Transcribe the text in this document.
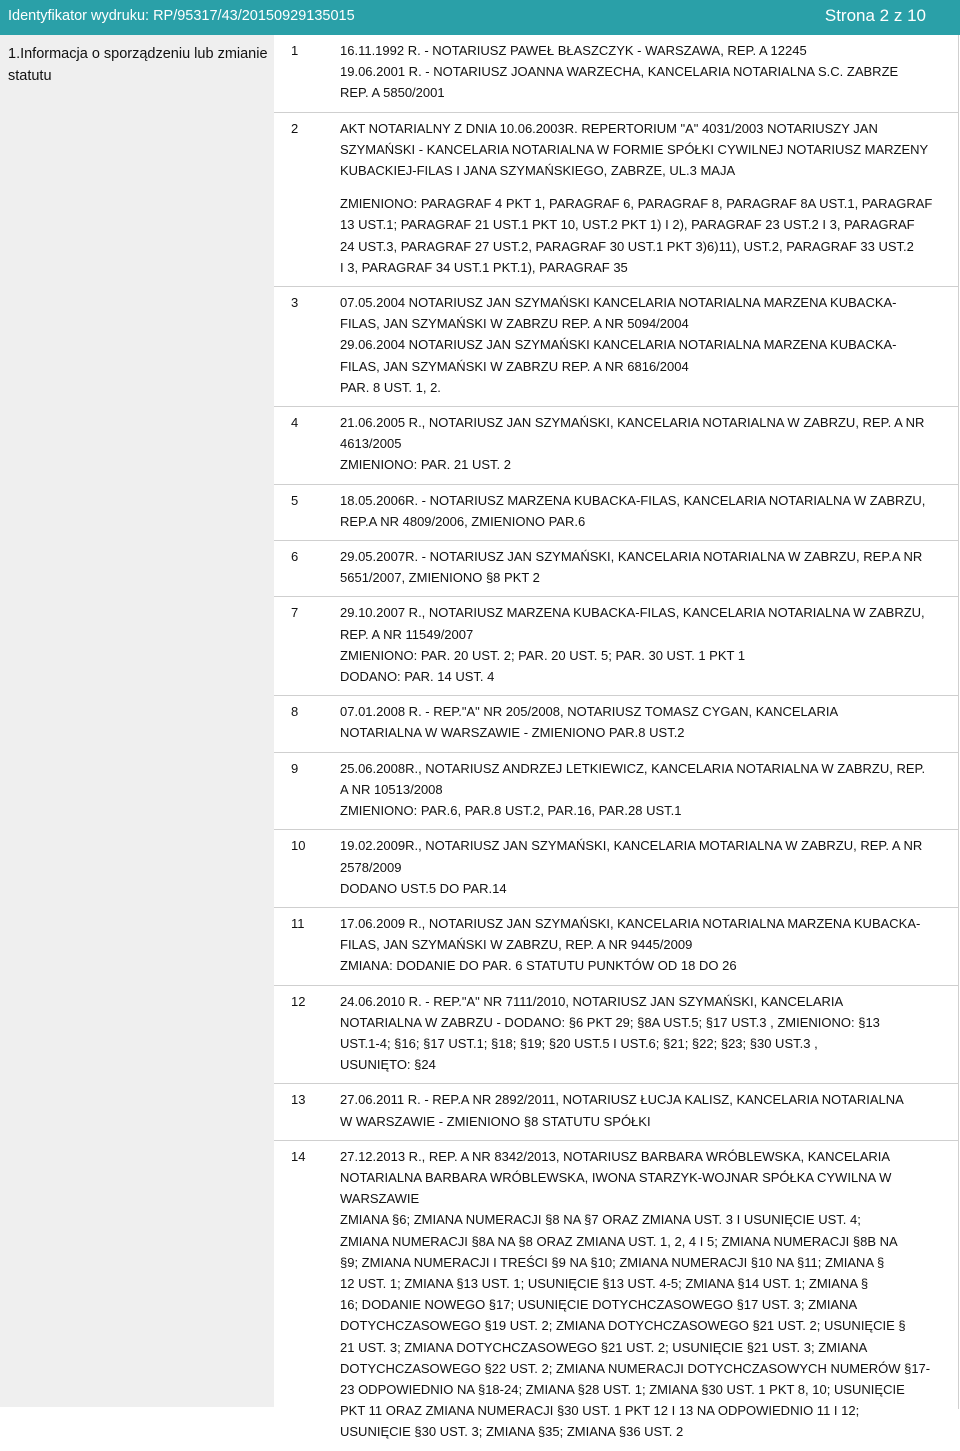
Identyfikator wydruku: RP/95317/43/20150929135015	Strona 2 z 10
1.Informacja o sporządzeniu lub zmianie
statutu
1	16.11.1992 R. - NOTARIUSZ PAWEŁ BŁASZCZYK - WARSZAWA, REP. A 12245
19.06.2001 R. - NOTARIUSZ JOANNA WARZECHA, KANCELARIA NOTARIALNA S.C. ZABRZE
REP. A 5850/2001
2	AKT NOTARIALNY Z DNIA 10.06.2003R. REPERTORIUM "A" 4031/2003 NOTARIUSZY JAN
SZYMAŃSKI - KANCELARIA NOTARIALNA W FORMIE SPÓŁKI CYWILNEJ NOTARIUSZ MARZENY
KUBACKIEJ-FILAS I JANA SZYMAŃSKIEGO, ZABRZE, UL.3 MAJA
ZMIENIONO: PARAGRAF 4 PKT 1, PARAGRAF 6, PARAGRAF 8, PARAGRAF 8A UST.1, PARAGRAF
13 UST.1; PARAGRAF 21 UST.1 PKT 10, UST.2 PKT 1) I 2), PARAGRAF 23 UST.2 I 3, PARAGRAF
24 UST.3, PARAGRAF 27 UST.2, PARAGRAF 30 UST.1 PKT 3)6)11), UST.2, PARAGRAF 33 UST.2
I 3, PARAGRAF 34 UST.1 PKT.1), PARAGRAF 35
3	07.05.2004 NOTARIUSZ JAN SZYMAŃSKI KANCELARIA NOTARIALNA MARZENA KUBACKA-
FILAS, JAN SZYMAŃSKI W ZABRZU REP. A NR 5094/2004
29.06.2004 NOTARIUSZ JAN SZYMAŃSKI KANCELARIA NOTARIALNA MARZENA KUBACKA-
FILAS, JAN SZYMAŃSKI W ZABRZU REP. A NR 6816/2004
PAR. 8 UST. 1, 2.
4	21.06.2005 R., NOTARIUSZ JAN SZYMAŃSKI, KANCELARIA NOTARIALNA W ZABRZU, REP. A NR
4613/2005
ZMIENIONO: PAR. 21 UST. 2
5	18.05.2006R. - NOTARIUSZ MARZENA KUBACKA-FILAS, KANCELARIA NOTARIALNA W ZABRZU,
REP.A NR 4809/2006, ZMIENIONO PAR.6
6	29.05.2007R. - NOTARIUSZ JAN SZYMAŃSKI, KANCELARIA NOTARIALNA W ZABRZU, REP.A NR
5651/2007, ZMIENIONO §8 PKT 2
7	29.10.2007 R., NOTARIUSZ MARZENA KUBACKA-FILAS, KANCELARIA NOTARIALNA W ZABRZU,
REP. A NR 11549/2007
ZMIENIONO: PAR. 20 UST. 2; PAR. 20 UST. 5; PAR. 30 UST. 1 PKT 1
DODANO: PAR. 14 UST. 4
8	07.01.2008 R. - REP."A" NR 205/2008, NOTARIUSZ TOMASZ CYGAN, KANCELARIA
NOTARIALNA W WARSZAWIE - ZMIENIONO PAR.8 UST.2
9	25.06.2008R., NOTARIUSZ ANDRZEJ LETKIEWICZ, KANCELARIA NOTARIALNA W ZABRZU, REP.
A NR 10513/2008
ZMIENIONO: PAR.6, PAR.8 UST.2, PAR.16, PAR.28 UST.1
10	19.02.2009R., NOTARIUSZ JAN SZYMAŃSKI, KANCELARIA MOTARIALNA W ZABRZU, REP. A NR
2578/2009
DODANO UST.5 DO PAR.14
11	17.06.2009 R., NOTARIUSZ JAN SZYMAŃSKI, KANCELARIA NOTARIALNA MARZENA KUBACKA-
FILAS, JAN SZYMAŃSKI W ZABRZU, REP. A NR 9445/2009
ZMIANA: DODANIE DO PAR. 6 STATUTU PUNKTÓW OD 18 DO 26
12	24.06.2010 R. - REP."A" NR 7111/2010, NOTARIUSZ JAN SZYMAŃSKI, KANCELARIA
NOTARIALNA W ZABRZU - DODANO: §6 PKT 29; §8A UST.5; §17 UST.3 , ZMIENIONO: §13
UST.1-4; §16; §17 UST.1; §18; §19; §20 UST.5 I UST.6; §21; §22; §23; §30 UST.3 ,
USUNIĘTO: §24
13	27.06.2011 R. - REP.A NR 2892/2011, NOTARIUSZ ŁUCJA KALISZ, KANCELARIA NOTARIALNA
W WARSZAWIE - ZMIENIONO §8 STATUTU SPÓŁKI
14	27.12.2013 R., REP. A NR 8342/2013, NOTARIUSZ BARBARA WRÓBLEWSKA, KANCELARIA
NOTARIALNA BARBARA WRÓBLEWSKA, IWONA STARZYK-WOJNAR SPÓŁKA CYWILNA W
WARSZAWIE
ZMIANA §6; ZMIANA NUMERACJI §8 NA §7 ORAZ ZMIANA UST. 3 I USUNIĘCIE UST. 4;
ZMIANA NUMERACJI §8A NA §8 ORAZ ZMIANA UST. 1, 2, 4 I 5; ZMIANA NUMERACJI §8B NA
§9; ZMIANA NUMERACJI I TREŚCI §9 NA §10; ZMIANA NUMERACJI §10 NA §11; ZMIANA §
12 UST. 1; ZMIANA §13 UST. 1; USUNIĘCIE §13 UST. 4-5; ZMIANA §14 UST. 1; ZMIANA §
16; DODANIE NOWEGO §17; USUNIĘCIE DOTYCHCZASOWEGO §17 UST. 3; ZMIANA
DOTYCHCZASOWEGO §19 UST. 2; ZMIANA DOTYCHCZASOWEGO §21 UST. 2; USUNIĘCIE §
21 UST. 3; ZMIANA DOTYCHCZASOWEGO §21 UST. 2; USUNIĘCIE §21 UST. 3; ZMIANA
DOTYCHCZASOWEGO §22 UST. 2; ZMIANA NUMERACJI DOTYCHCZASOWYCH NUMERÓW §17-
23 ODPOWIEDNIO NA §18-24; ZMIANA §28 UST. 1; ZMIANA §30 UST. 1 PKT 8, 10; USUNIĘCIE
PKT 11 ORAZ ZMIANA NUMERACJI §30 UST. 1 PKT 12 I 13 NA ODPOWIEDNIO 11 I 12;
USUNIĘCIE §30 UST. 3; ZMIANA §35; ZMIANA §36 UST. 2
